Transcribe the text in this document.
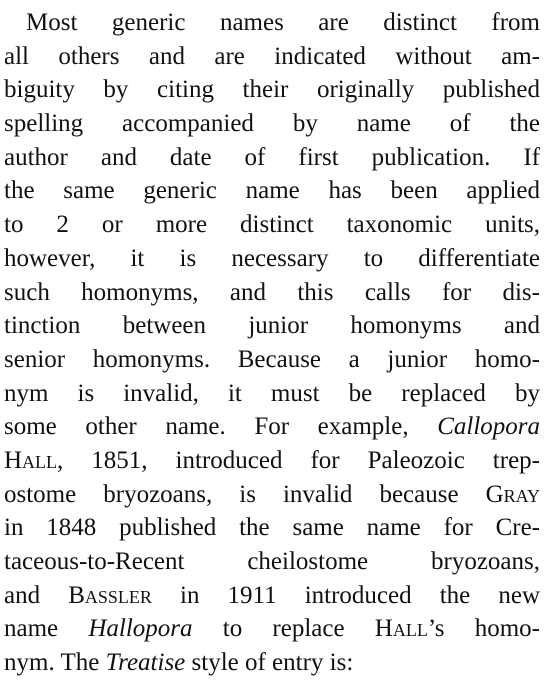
Most generic names are distinct from
all others and are indicated without am-
biguity by citing their originally published
spelling accompanied by name of the
author and date of first publication. If
the same generic name has been applied
to 2 or more distinct taxonomic units,
however, it is necessary to differentiate
such homonyms, and this calls for dis-
tinction between junior homonyms and
senior homonyms. Because a junior homo-
nym is invalid, it must be replaced by
some other name. For example, Callopora
Hall, 1851, introduced for Paleozoic trep-
ostome bryozoans, is invalid because Gray
in 1848 published the same name for Cre-
taceous-to-Recent cheilostome bryozoans,
and Bassler in 1911 introduced the new
name Hallopora to replace Hall’s homo-
nym. The Treatise style of entry is:
